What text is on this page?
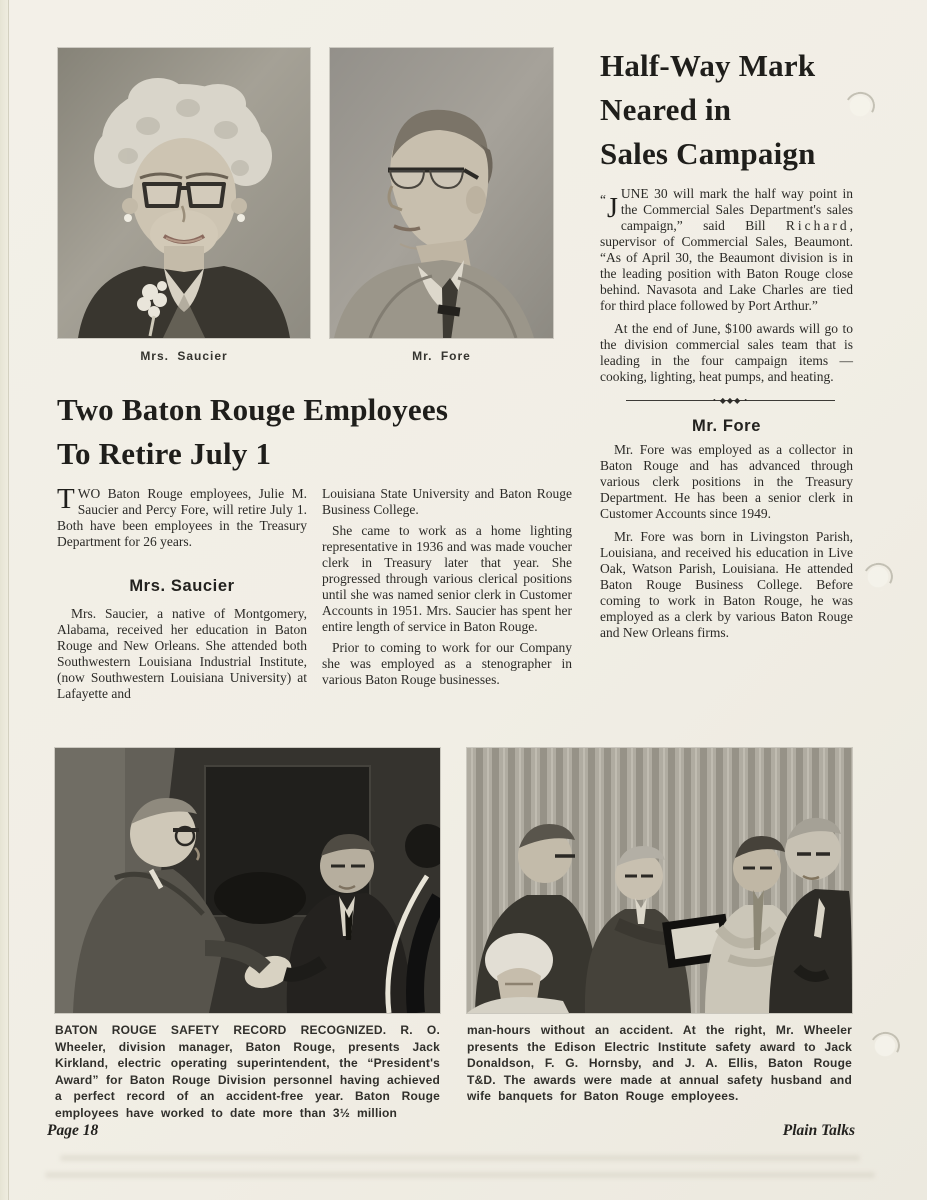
Mrs. Saucier	Mr. Fore
Half-Way Mark
Neared in
Sales Campaign

“J UNE 30 will mark the half way point in the Commercial Sales Department's sales campaign,” said Bill Richard, supervisor of Commercial Sales, Beaumont. “As of April 30, the Beaumont division is in the leading position with Baton Rouge close behind. Navasota and Lake Charles are tied for third place followed by Port Arthur.”

At the end of June, $100 awards will go to the division commercial sales team that is leading in the four campaign items — cooking, lighting, heat pumps, and heating.

• ◆◆◆ •
Mr. Fore

Mr. Fore was employed as a collector in Baton Rouge and has advanced through various clerk positions in the Treasury Department. He has been a senior clerk in Customer Accounts since 1949.

Mr. Fore was born in Livingston Parish, Louisiana, and received his education in Live Oak, Watson Parish, Louisiana. He attended Baton Rouge Business College. Before coming to work in Baton Rouge, he was employed as a clerk by various Baton Rouge and New Orleans firms.

Two Baton Rouge Employees
To Retire July 1

TWO Baton Rouge employees, Julie M. Saucier and Percy Fore, will retire July 1. Both have been employees in the Treasury Department for 26 years.

Mrs. Saucier

Mrs. Saucier, a native of Montgomery, Alabama, received her education in Baton Rouge and New Orleans. She attended both Southwestern Louisiana Industrial Institute, (now Southwestern Louisiana University) at Lafayette and

Louisiana State University and Baton Rouge Business College.

She came to work as a home lighting representative in 1936 and was made voucher clerk in Treasury later that year. She progressed through various clerical positions until she was named senior clerk in Customer Accounts in 1951. Mrs. Saucier has spent her entire length of service in Baton Rouge.

Prior to coming to work for our Company she was employed as a stenographer in various Baton Rouge businesses.

BATON ROUGE SAFETY RECORD RECOGNIZED. R. O. Wheeler, division manager, Baton Rouge, presents Jack Kirkland, electric operating superintendent, the “President's Award” for Baton Rouge Division personnel having achieved a perfect record of an accident-free year. Baton Rouge employees have worked to date more than 3½ million
man-hours without an accident. At the right, Mr. Wheeler presents the Edison Electric Institute safety award to Jack Donaldson, F. G. Hornsby, and J. A. Ellis, Baton Rouge T&D. The awards were made at annual safety husband and wife banquets for Baton Rouge employees.
Page 18	Plain Talks
